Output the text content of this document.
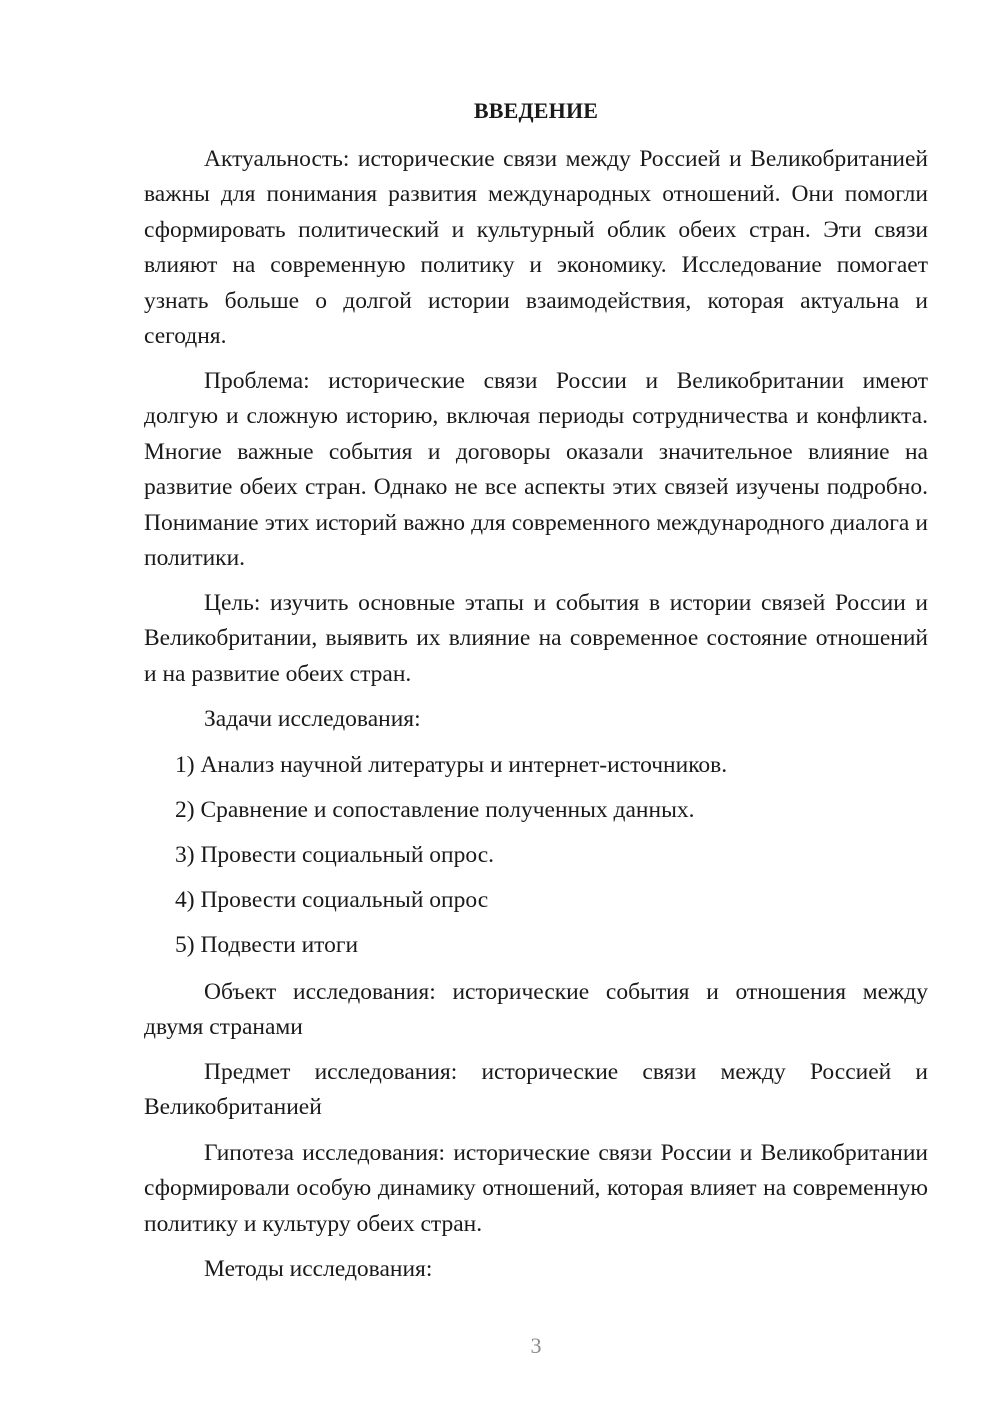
ВВЕДЕНИЕ

Актуальность: исторические связи между Россией и Великобританией важны для понимания развития международных отношений. Они помогли сформировать политический и культурный облик обеих стран. Эти связи влияют на современную политику и экономику. Исследование помогает узнать больше о долгой истории взаимодействия, которая актуальна и сегодня.

Проблема: исторические связи России и Великобритании имеют долгую и сложную историю, включая периоды сотрудничества и конфликта. Многие важные события и договоры оказали значительное влияние на развитие обеих стран. Однако не все аспекты этих связей изучены подробно. Понимание этих историй важно для современного международного диалога и политики.

Цель: изучить основные этапы и события в истории связей России и Великобритании, выявить их влияние на современное состояние отношений и на развитие обеих стран.

Задачи исследования:

1) Анализ научной литературы и интернет-источников.

2) Сравнение и сопоставление полученных данных.

3) Провести социальный опрос.

4) Провести социальный опрос

5) Подвести итоги

Объект исследования: исторические события и отношения между двумя странами

Предмет исследования: исторические связи между Россией и Великобританией

Гипотеза исследования: исторические связи России и Великобритании сформировали особую динамику отношений, которая влияет на современную политику и культуру обеих стран.

Методы исследования:

3
